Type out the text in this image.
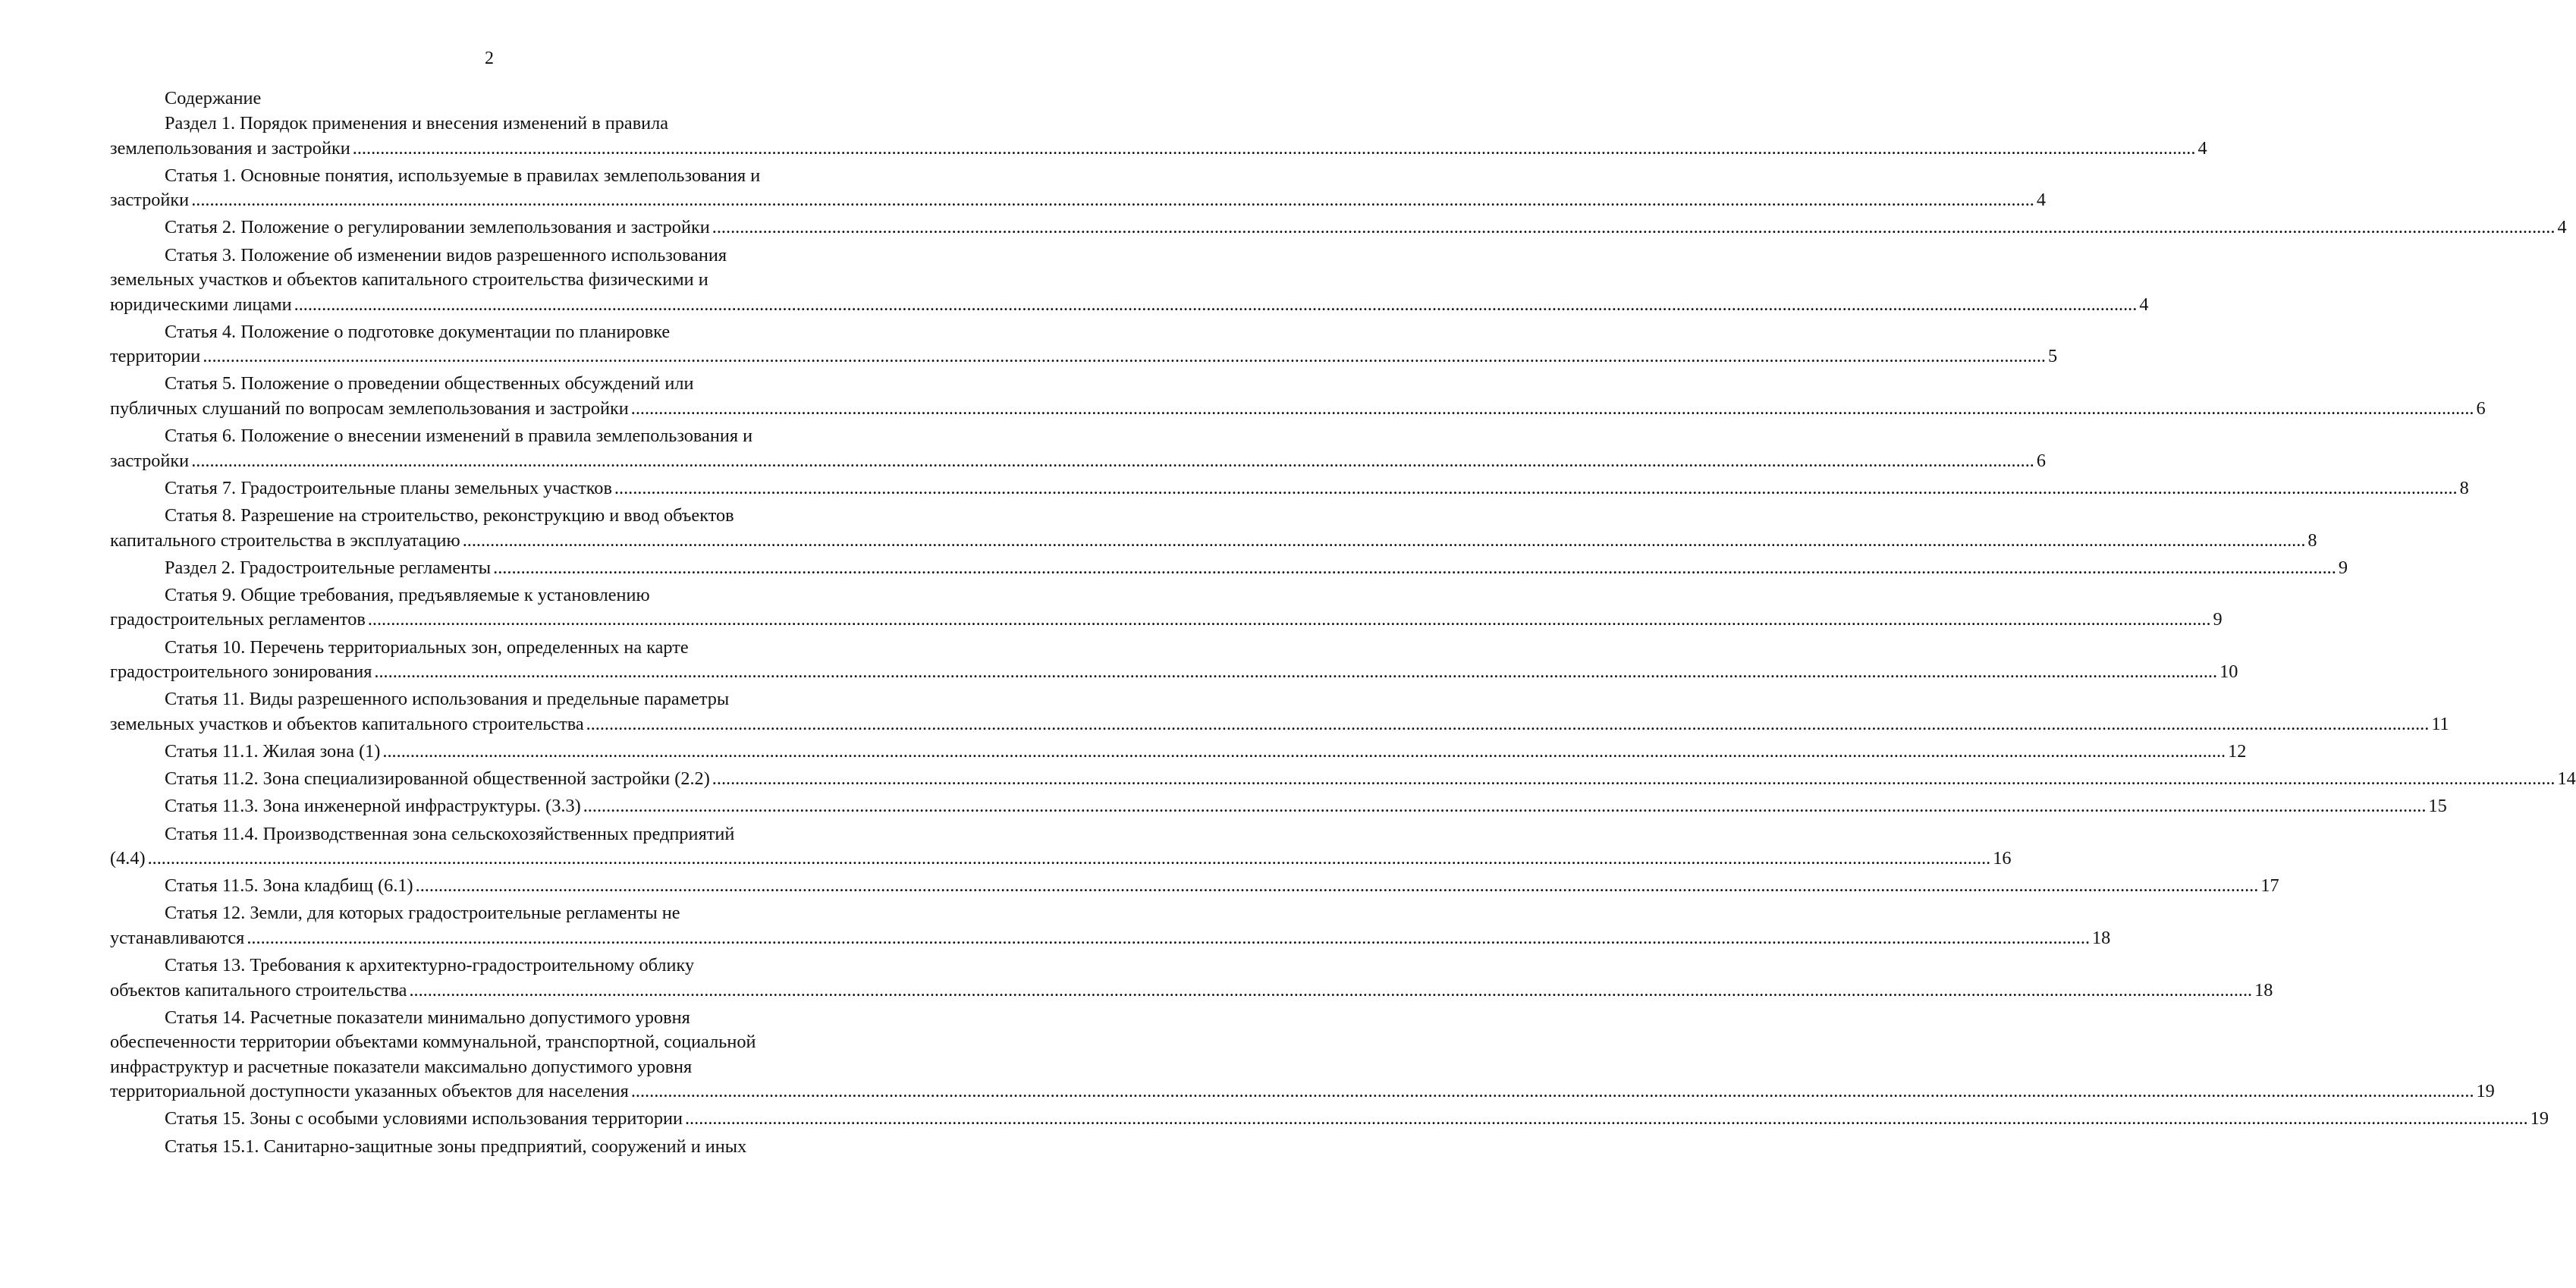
2

Содержание

Раздел 1. Порядок применения и внесения изменений в правила
землепользования и застройки ................................................................................................................................................................................................................................................................................................................................................................................................................ 4
Статья 1. Основные понятия, используемые в правилах землепользования и
застройки ................................................................................................................................................................................................................................................................................................................................................................................................................ 4
Статья 2. Положение о регулировании землепользования и застройки ................................................................................................................................................................................................................................................................................................................................................................................................................ 4
Статья 3. Положение об изменении видов разрешенного использования
земельных участков и объектов капитального строительства физическими и
юридическими лицами ................................................................................................................................................................................................................................................................................................................................................................................................................ 4
Статья 4. Положение о подготовке документации по планировке
территории ................................................................................................................................................................................................................................................................................................................................................................................................................ 5
Статья 5. Положение о проведении общественных обсуждений или
публичных слушаний по вопросам землепользования и застройки ................................................................................................................................................................................................................................................................................................................................................................................................................ 6
Статья 6. Положение о внесении изменений в правила землепользования и
застройки ................................................................................................................................................................................................................................................................................................................................................................................................................ 6
Статья 7. Градостроительные планы земельных участков ................................................................................................................................................................................................................................................................................................................................................................................................................ 8
Статья 8. Разрешение на строительство, реконструкцию и ввод объектов
капитального строительства в эксплуатацию ................................................................................................................................................................................................................................................................................................................................................................................................................ 8
Раздел 2. Градостроительные регламенты ................................................................................................................................................................................................................................................................................................................................................................................................................ 9
Статья 9. Общие требования, предъявляемые к установлению
градостроительных регламентов ................................................................................................................................................................................................................................................................................................................................................................................................................ 9
Статья 10. Перечень территориальных зон, определенных на карте
градостроительного зонирования ................................................................................................................................................................................................................................................................................................................................................................................................................ 10
Статья 11. Виды разрешенного использования и предельные параметры
земельных участков и объектов капитального строительства ................................................................................................................................................................................................................................................................................................................................................................................................................ 11
Статья 11.1. Жилая зона (1) ................................................................................................................................................................................................................................................................................................................................................................................................................ 12
Статья 11.2. Зона специализированной общественной застройки (2.2) ................................................................................................................................................................................................................................................................................................................................................................................................................ 14
Статья 11.3. Зона инженерной инфраструктуры. (3.3) ................................................................................................................................................................................................................................................................................................................................................................................................................ 15
Статья 11.4. Производственная зона сельскохозяйственных предприятий
(4.4) ................................................................................................................................................................................................................................................................................................................................................................................................................ 16
Статья 11.5. Зона кладбищ (6.1) ................................................................................................................................................................................................................................................................................................................................................................................................................ 17
Статья 12. Земли, для которых градостроительные регламенты не
устанавливаются ................................................................................................................................................................................................................................................................................................................................................................................................................ 18
Статья 13. Требования к архитектурно-градостроительному облику
объектов капитального строительства ................................................................................................................................................................................................................................................................................................................................................................................................................ 18
Статья 14. Расчетные показатели минимально допустимого уровня
обеспеченности территории объектами коммунальной, транспортной, социальной
инфраструктур и расчетные показатели максимально допустимого уровня
территориальной доступности указанных объектов для населения ................................................................................................................................................................................................................................................................................................................................................................................................................ 19
Статья 15. Зоны с особыми условиями использования территории ................................................................................................................................................................................................................................................................................................................................................................................................................ 19
Статья 15.1. Санитарно-защитные зоны предприятий, сооружений и иных
